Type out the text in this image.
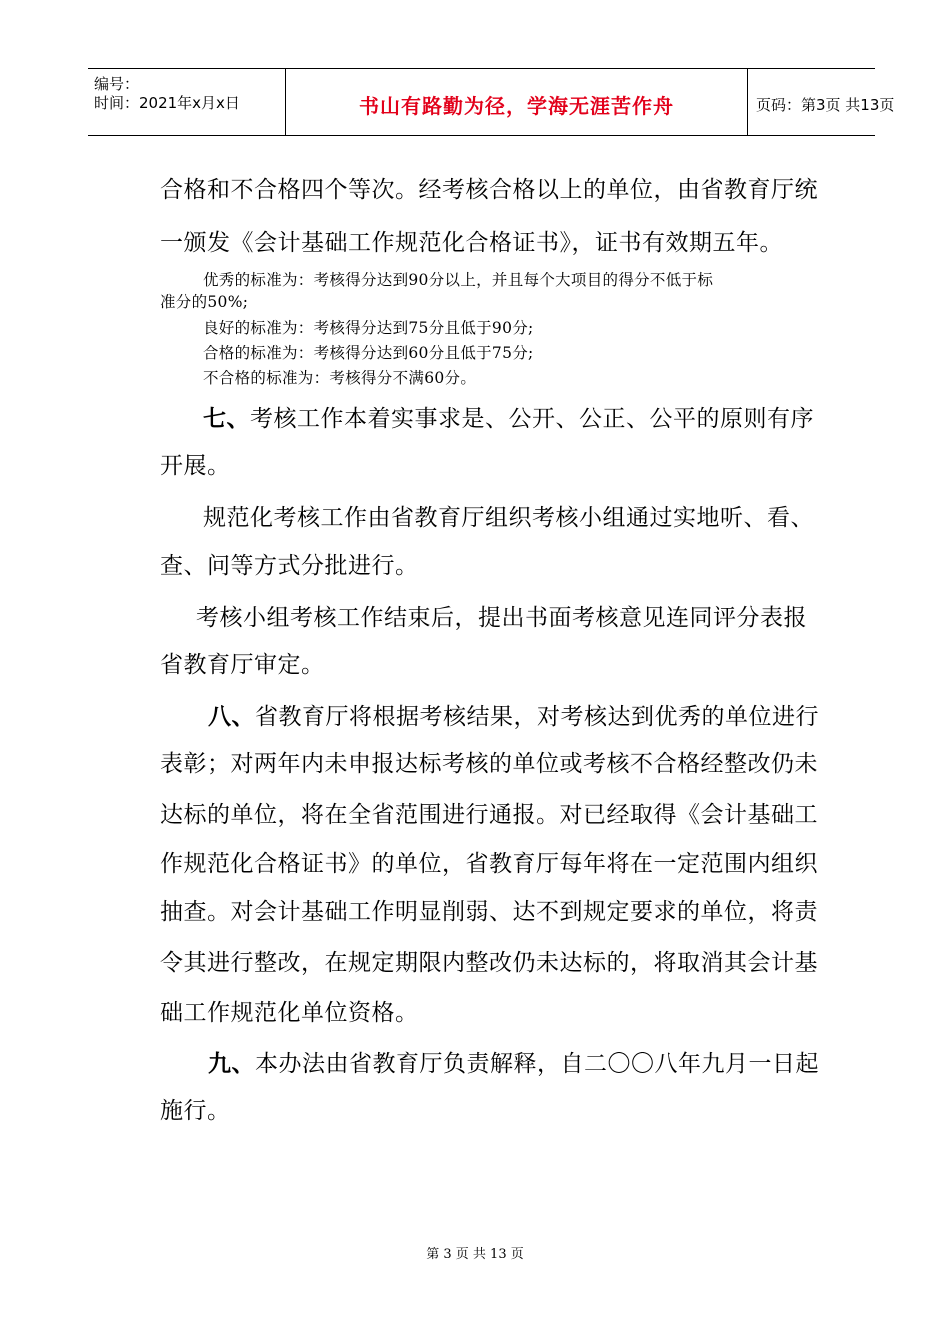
编号：
时间：2021年x月x日	书山有路勤为径，学海无涯苦作舟	页码：第3页 共13页
合格和不合格四个等次。经考核合格以上的单位，由省教育厅统
一颁发《会计基础工作规范化合格证书》，证书有效期五年。
优秀的标准为：考核得分达到90分以上，并且每个大项目的得分不低于标
准分的50%;
良好的标准为：考核得分达到75分且低于90分;
合格的标准为：考核得分达到60分且低于75分;
不合格的标准为：考核得分不满60分。
七、考核工作本着实事求是、公开、公正、公平的原则有序
开展。
规范化考核工作由省教育厅组织考核小组通过实地听、看、
查、问等方式分批进行。
考核小组考核工作结束后，提出书面考核意见连同评分表报
省教育厅审定。
八、省教育厅将根据考核结果，对考核达到优秀的单位进行
表彰；对两年内未申报达标考核的单位或考核不合格经整改仍未
达标的单位，将在全省范围进行通报。对已经取得《会计基础工
作规范化合格证书》的单位，省教育厅每年将在一定范围内组织
抽查。对会计基础工作明显削弱、达不到规定要求的单位，将责
令其进行整改，在规定期限内整改仍未达标的，将取消其会计基
础工作规范化单位资格。
九、本办法由省教育厅负责解释，自二〇〇八年九月一日起
施行。
第 3 页 共 13 页
